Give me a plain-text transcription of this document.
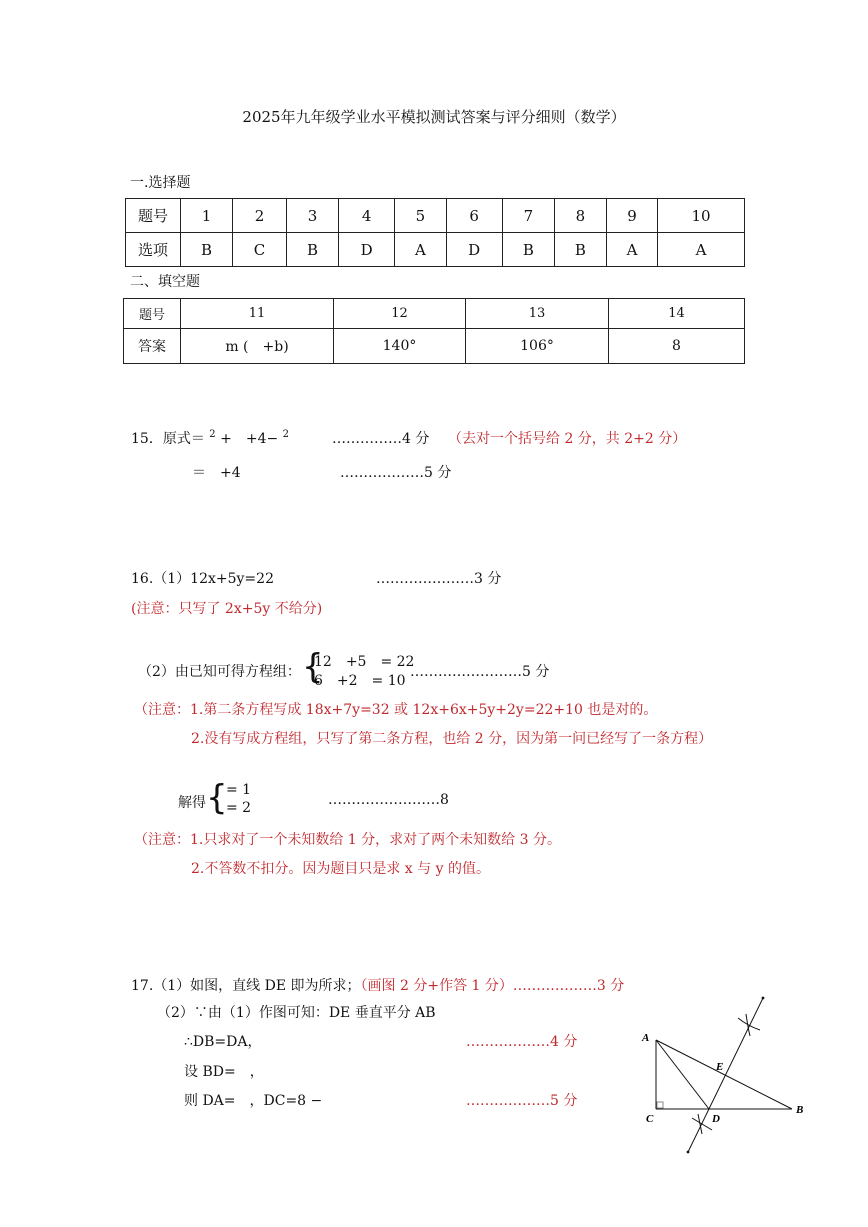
2025年九年级学业水平模拟测试答案与评分细则（数学）
一.选择题
题号	1	2	3	4	5	6	7	8	9	10
选项	B	C	B	D	A	D	B	B	A	A
二、填空题
题号	11	12	13	14
答案	m (　+b)	140°	106°	8
15．原式＝ $^2$ +　+4− $^2$	……………4 分 （去对一个括号给 2 分，共 2+2 分）
＝　+4	………………5 分
16.（1）12x+5y=22	…………………3 分
(注意：只写了 2x+5y 不给分)
（2）由已知可得方程组： {
12　+5　= 22
6　+2　= 10
……………………5 分
（注意：1.第二条方程写成 18x+7y=32 或 12x+6x+5y+2y=22+10 也是对的。
2.没有写成方程组，只写了第二条方程，也给 2 分，因为第一问已经写了一条方程）
解得 {
= 1
= 2	……………………8
（注意：1.只求对了一个未知数给 1 分，求对了两个未知数给 3 分。
2.不答数不扣分。因为题目只是求 x 与 y 的值。
17.（1）如图，直线 DE 即为所求；（画图 2 分+作答 1 分）………………3 分
（2）∵由（1）作图可知：DE 垂直平分 AB
∴DB=DA，	………………4 分
设 BD=　，
则 DA=　，DC=8 −	………………5 分
A
C	D
B
E
